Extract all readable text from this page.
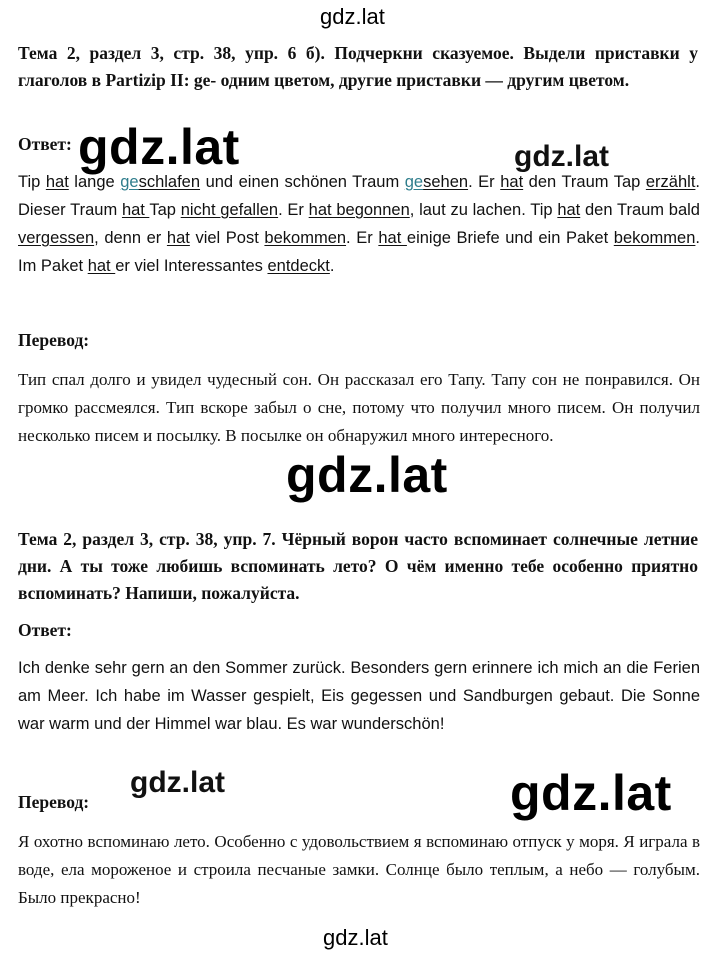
gdz.lat
Тема 2, раздел 3, стр. 38, упр. 6 б). Подчеркни сказуемое. Выдели приставки у глаголов в Partizip II: ge- одним цветом, другие приставки — другим цветом.
Ответ: gdz.lat	gdz.lat
Tip hat lange geschlafen und einen schönen Traum gesehen. Er hat den Traum Tap erzählt. Dieser Traum hat Tap nicht gefallen. Er hat begonnen, laut zu lachen. Tip hat den Traum bald vergessen, denn er hat viel Post bekommen. Er hat einige Briefe und ein Paket bekommen. Im Paket hat er viel Interessantes entdeckt.
Перевод:
Тип спал долго и увидел чудесный сон. Он рассказал его Тапу. Тапу сон не понравился. Он громко рассмеялся. Тип вскоре забыл о сне, потому что получил много писем. Он получил несколько писем и посылку. В посылке он обнаружил много интересного.
gdz.lat
Тема 2, раздел 3, стр. 38, упр. 7. Чёрный ворон часто вспоминает солнечные летние дни. А ты тоже любишь вспоминать лето? О чём именно тебе особенно приятно вспоминать? Напиши, пожалуйста.
Ответ:
Ich denke sehr gern an den Sommer zurück. Besonders gern erinnere ich mich an die Ferien am Meer. Ich habe im Wasser gespielt, Eis gegessen und Sandburgen gebaut. Die Sonne war warm und der Himmel war blau. Es war wunderschön!
gdz.lat
Перевод:	gdz.lat
Я охотно вспоминаю лето. Особенно с удовольствием я вспоминаю отпуск у моря. Я играла в воде, ела мороженое и строила песчаные замки. Солнце было теплым, а небо — голубым. Было прекрасно!
gdz.lat
